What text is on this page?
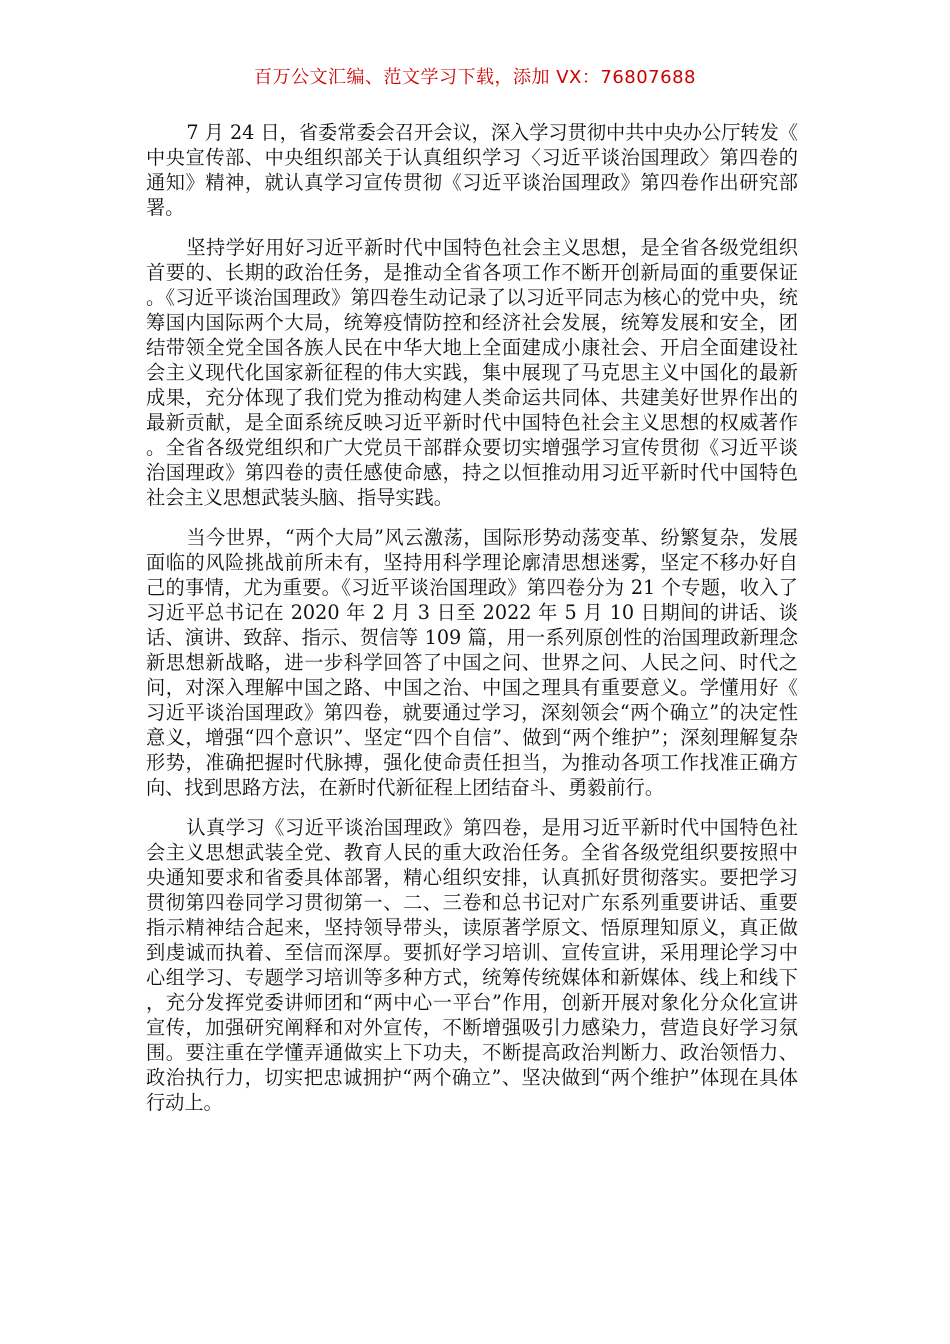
百万公文汇编、范文学习下载，添加 VX：76807688

7 月 24 日，省委常委会召开会议，深入学习贯彻中共中央办公厅转发《中央宣传部、中央组织部关于认真组织学习〈习近平谈治国理政〉第四卷的通知》精神，就认真学习宣传贯彻《习近平谈治国理政》第四卷作出研究部署。

坚持学好用好习近平新时代中国特色社会主义思想，是全省各级党组织首要的、长期的政治任务，是推动全省各项工作不断开创新局面的重要保证。《习近平谈治国理政》第四卷生动记录了以习近平同志为核心的党中央，统筹国内国际两个大局，统筹疫情防控和经济社会发展，统筹发展和安全，团结带领全党全国各族人民在中华大地上全面建成小康社会、开启全面建设社会主义现代化国家新征程的伟大实践，集中展现了马克思主义中国化的最新成果，充分体现了我们党为推动构建人类命运共同体、共建美好世界作出的最新贡献，是全面系统反映习近平新时代中国特色社会主义思想的权威著作。全省各级党组织和广大党员干部群众要切实增强学习宣传贯彻《习近平谈治国理政》第四卷的责任感使命感，持之以恒推动用习近平新时代中国特色社会主义思想武装头脑、指导实践。

当今世界，“两个大局”风云激荡，国际形势动荡变革、纷繁复杂，发展面临的风险挑战前所未有，坚持用科学理论廓清思想迷雾，坚定不移办好自己的事情，尤为重要。《习近平谈治国理政》第四卷分为 21 个专题，收入了习近平总书记在 2020 年 2 月 3 日至 2022 年 5 月 10 日期间的讲话、谈话、演讲、致辞、指示、贺信等 109 篇，用一系列原创性的治国理政新理念新思想新战略，进一步科学回答了中国之问、世界之问、人民之问、时代之问，对深入理解中国之路、中国之治、中国之理具有重要意义。学懂用好《习近平谈治国理政》第四卷，就要通过学习，深刻领会“两个确立”的决定性意义，增强“四个意识”、坚定“四个自信”、做到“两个维护”；深刻理解复杂形势，准确把握时代脉搏，强化使命责任担当，为推动各项工作找准正确方向、找到思路方法，在新时代新征程上团结奋斗、勇毅前行。

认真学习《习近平谈治国理政》第四卷，是用习近平新时代中国特色社会主义思想武装全党、教育人民的重大政治任务。全省各级党组织要按照中央通知要求和省委具体部署，精心组织安排，认真抓好贯彻落实。要把学习贯彻第四卷同学习贯彻第一、二、三卷和总书记对广东系列重要讲话、重要指示精神结合起来，坚持领导带头，读原著学原文、悟原理知原义，真正做到虔诚而执着、至信而深厚。要抓好学习培训、宣传宣讲，采用理论学习中心组学习、专题学习培训等多种方式，统筹传统媒体和新媒体、线上和线下，充分发挥党委讲师团和“两中心一平台”作用，创新开展对象化分众化宣讲宣传，加强研究阐释和对外宣传，不断增强吸引力感染力，营造良好学习氛围。要注重在学懂弄通做实上下功夫，不断提高政治判断力、政治领悟力、政治执行力，切实把忠诚拥护“两个确立”、坚决做到“两个维护”体现在具体行动上。
